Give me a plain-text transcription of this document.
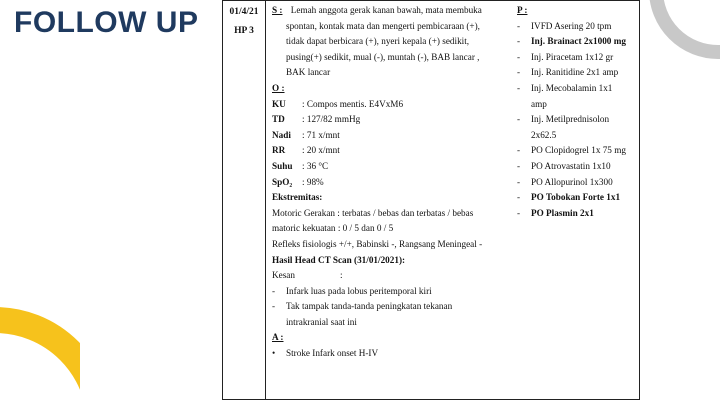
FOLLOW UP	01/4/21
HP 3
S : Lemah anggota gerak kanan bawah, mata membuka
spontan, kontak mata dan mengerti pembicaraan (+),
tidak dapat berbicara (+), nyeri kepala (+) sedikit,
pusing(+) sedikit, mual (-), muntah (-), BAB lancar ,
BAK lancar
O :
KU : Compos mentis. E4VxM6
TD : 127/82 mmHg
Nadi : 71 x/mnt
RR : 20 x/mnt
Suhu : 36 °C
SpO₂ : 98%
Ekstremitas:
Motoric Gerakan : terbatas / bebas dan terbatas / bebas
matoric kekuatan : 0 / 5 dan 0 / 5
Refleks fisiologis +/+, Babinski -, Rangsang Meningeal -
Hasil Head CT Scan (31/01/2021):
Kesan	:
- Infark luas pada lobus peritemporal kiri
- Tak tampak tanda-tanda peningkatan tekanan
intrakranial saat ini
A :
• Stroke Infark onset H-IV
P :
- IVFD Asering 20 tpm
- Inj. Brainact 2x1000 mg
- Inj. Piracetam 1x12 gr
- Inj. Ranitidine 2x1 amp
- Inj. Mecobalamin 1x1
amp
- Inj. Metilprednisolon
2x62.5
- PO Clopidogrel 1x 75 mg
- PO Atrovastatin 1x10
- PO Allopurinol 1x300
- PO Tobokan Forte 1x1
- PO Plasmin 2x1
